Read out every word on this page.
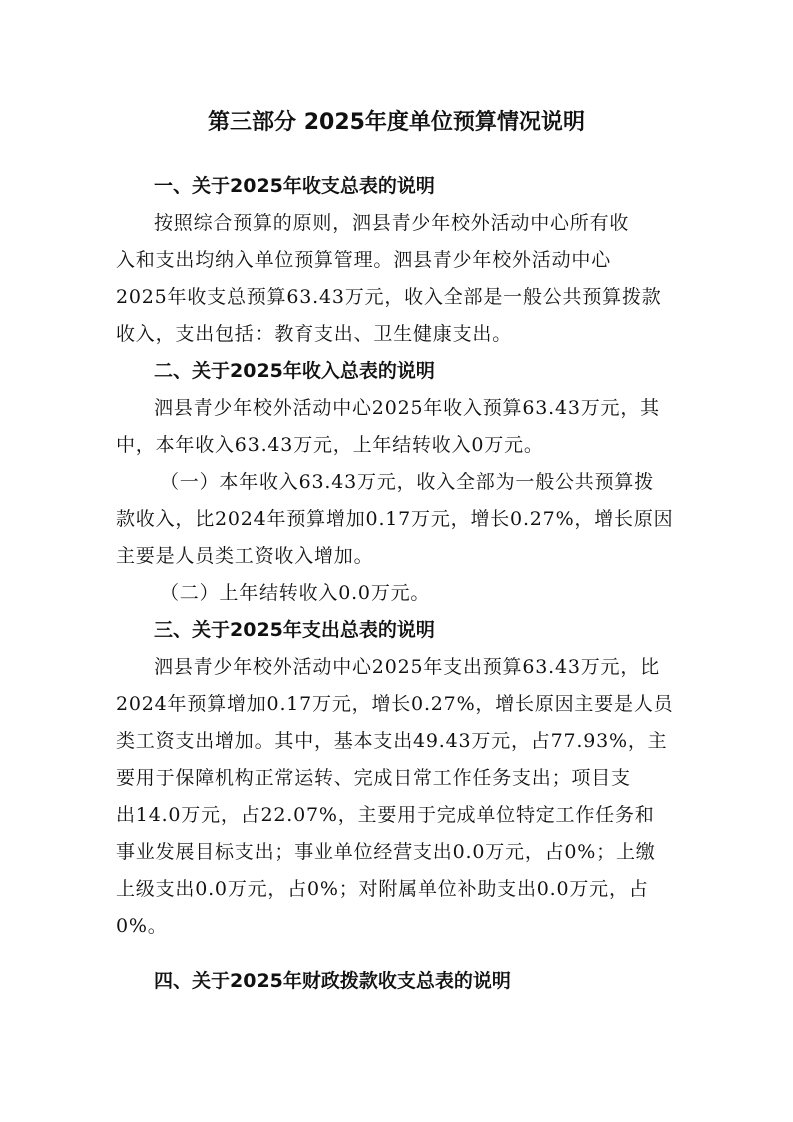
第三部分 2025年度单位预算情况说明
一、关于2025年收支总表的说明
按照综合预算的原则，泗县青少年校外活动中心所有收
入和支出均纳入单位预算管理。泗县青少年校外活动中心
2025年收支总预算63.43万元，收入全部是一般公共预算拨款
收入，支出包括：教育支出、卫生健康支出。
二、关于2025年收入总表的说明
泗县青少年校外活动中心2025年收入预算63.43万元，其
中，本年收入63.43万元，上年结转收入0万元。
（一）本年收入63.43万元，收入全部为一般公共预算拨
款收入，比2024年预算增加0.17万元，增长0.27%，增长原因
主要是人员类工资收入增加。
（二）上年结转收入0.0万元。
三、关于2025年支出总表的说明
泗县青少年校外活动中心2025年支出预算63.43万元，比
2024年预算增加0.17万元，增长0.27%，增长原因主要是人员
类工资支出增加。其中，基本支出49.43万元，占77.93%，主
要用于保障机构正常运转、完成日常工作任务支出；项目支
出14.0万元，占22.07%，主要用于完成单位特定工作任务和
事业发展目标支出；事业单位经营支出0.0万元，占0%；上缴
上级支出0.0万元，占0%；对附属单位补助支出0.0万元，占
0%。
四、关于2025年财政拨款收支总表的说明
